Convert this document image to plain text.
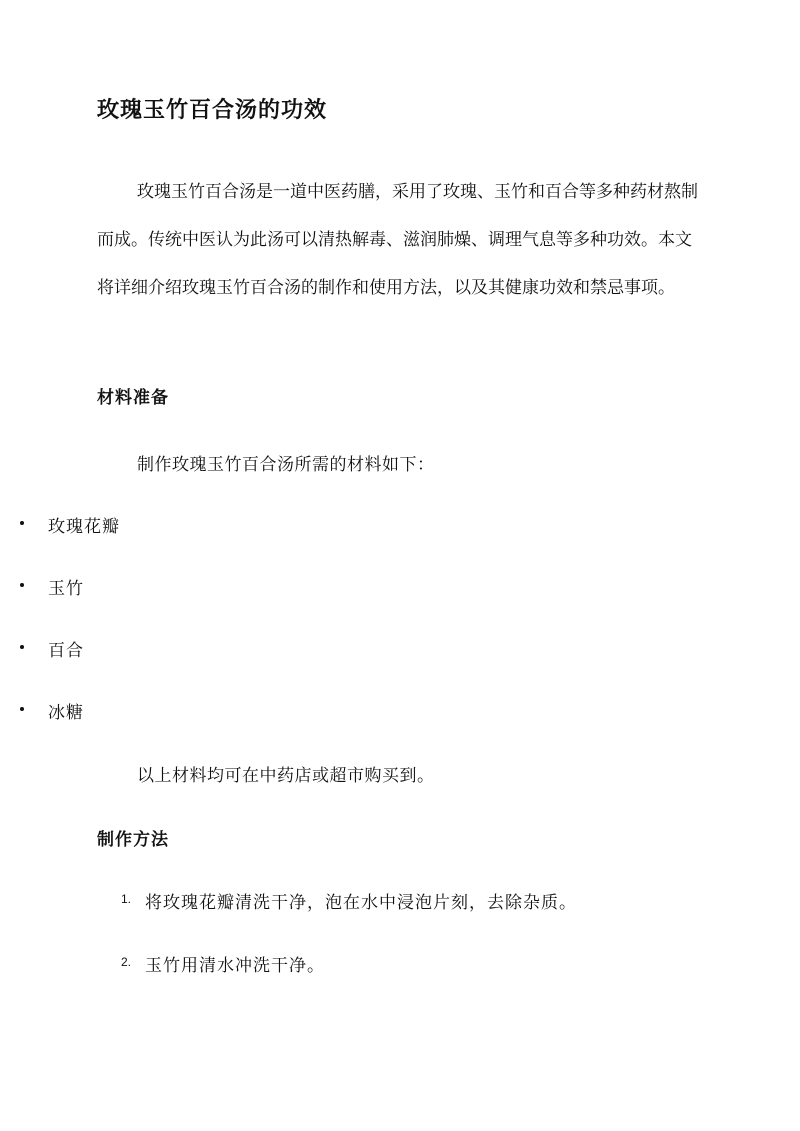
玫瑰玉竹百合汤的功效

玫瑰玉竹百合汤是一道中医药膳，采用了玫瑰、玉竹和百合等多种药材熬制而成。传统中医认为此汤可以清热解毒、滋润肺燥、调理气息等多种功效。本文将详细介绍玫瑰玉竹百合汤的制作和使用方法，以及其健康功效和禁忌事项。

材料准备

制作玫瑰玉竹百合汤所需的材料如下：

玫瑰花瓣
玉竹
百合
冰糖

以上材料均可在中药店或超市购买到。

制作方法
1. 将玫瑰花瓣清洗干净，泡在水中浸泡片刻，去除杂质。
2. 玉竹用清水冲洗干净。
